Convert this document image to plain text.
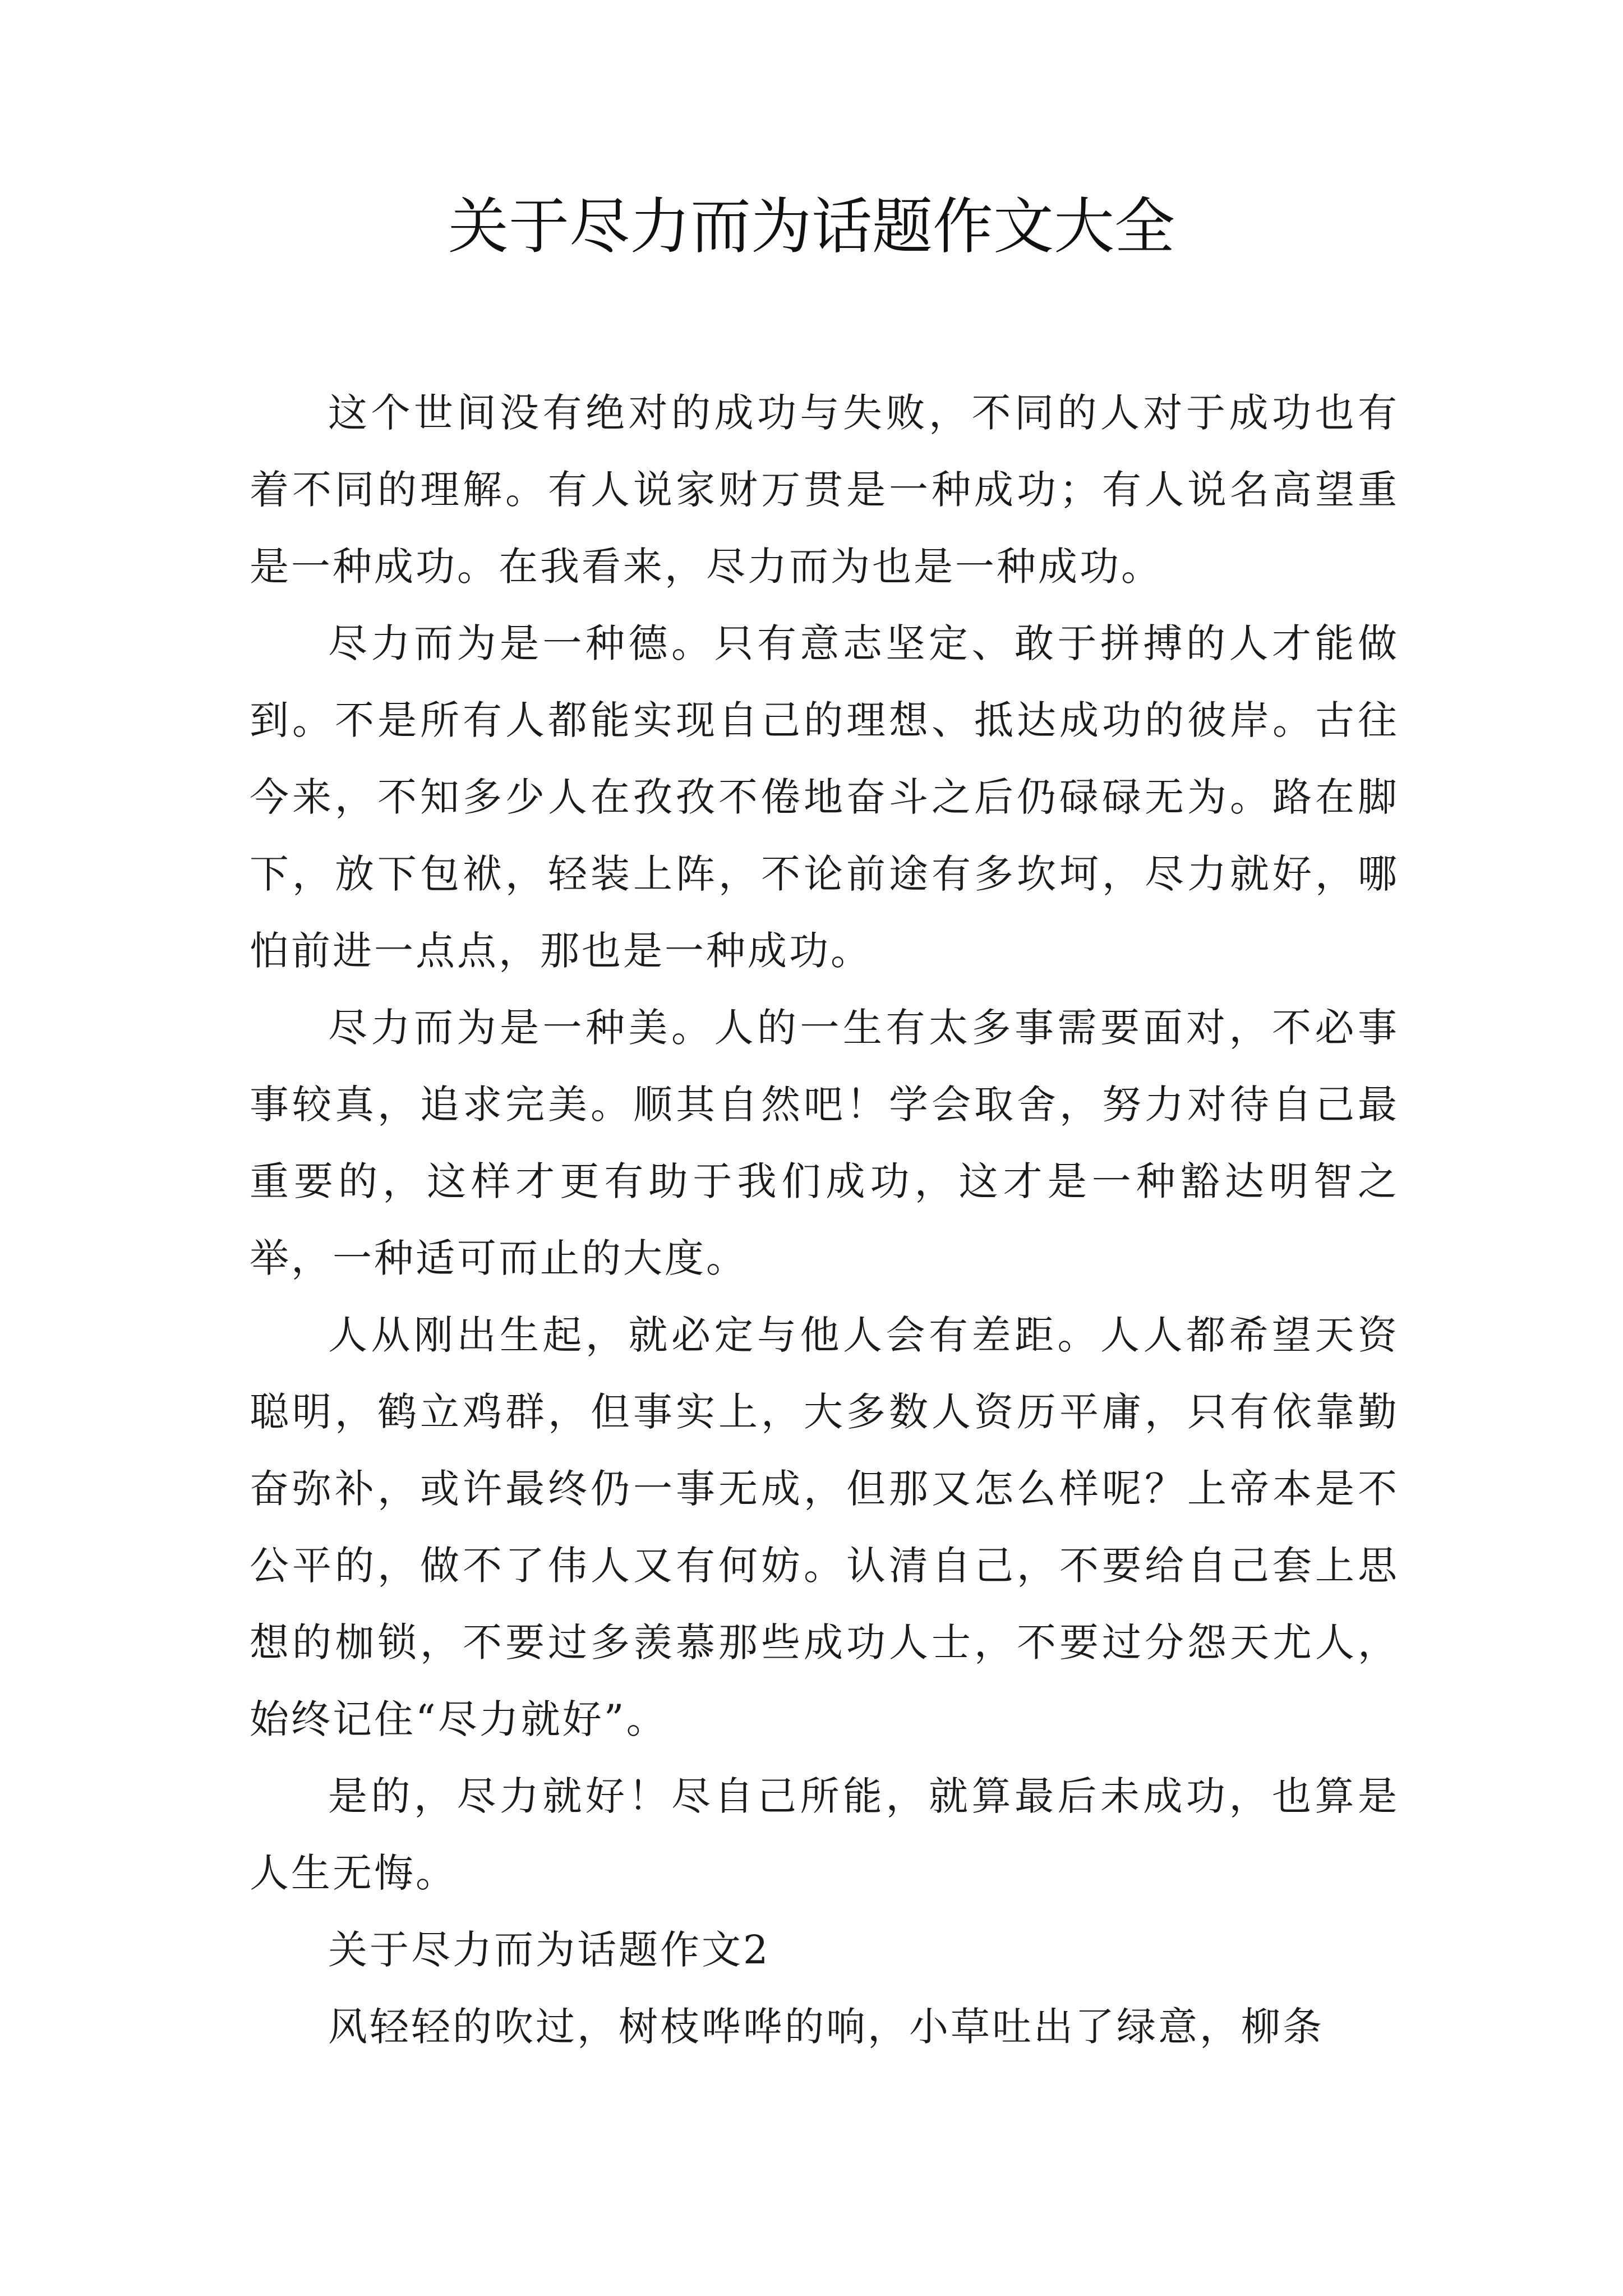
关于尽力而为话题作文大全

这个世间没有绝对的成功与失败，不同的人对于成功也有着不同的理解。有人说家财万贯是一种成功；有人说名高望重是一种成功。在我看来，尽力而为也是一种成功。

尽力而为是一种德。只有意志坚定、敢于拼搏的人才能做到。不是所有人都能实现自己的理想、抵达成功的彼岸。古往今来，不知多少人在孜孜不倦地奋斗之后仍碌碌无为。路在脚下，放下包袱，轻装上阵，不论前途有多坎坷，尽力就好，哪怕前进一点点，那也是一种成功。

尽力而为是一种美。人的一生有太多事需要面对，不必事事较真，追求完美。顺其自然吧！学会取舍，努力对待自己最重要的，这样才更有助于我们成功，这才是一种豁达明智之举，一种适可而止的大度。

人从刚出生起，就必定与他人会有差距。人人都希望天资聪明，鹤立鸡群，但事实上，大多数人资历平庸，只有依靠勤奋弥补，或许最终仍一事无成，但那又怎么样呢？上帝本是不公平的，做不了伟人又有何妨。认清自己，不要给自己套上思想的枷锁，不要过多羡慕那些成功人士，不要过分怨天尤人，始终记住“尽力就好”。

是的，尽力就好！尽自己所能，就算最后未成功，也算是人生无悔。

关于尽力而为话题作文2

风轻轻的吹过，树枝哗哗的响，小草吐出了绿意，柳条
